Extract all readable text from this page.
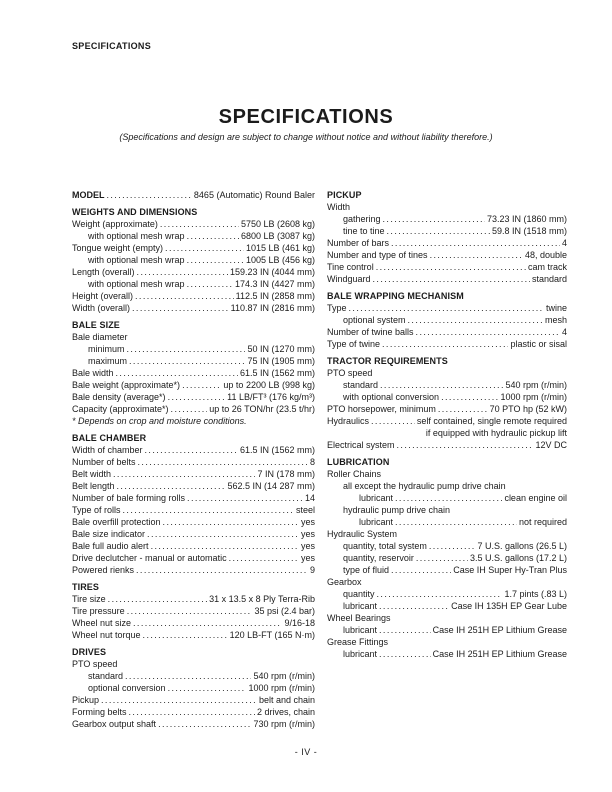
SPECIFICATIONS
SPECIFICATIONS
(Specifications and design are subject to change without notice and without liability therefore.)
MODEL .....	8465 (Automatic) Round Baler
WEIGHTS AND DIMENSIONS
Weight (approximate) .....	5750 LB (2608 kg)
with optional mesh wrap .....	6800 LB (3087 kg)
Tongue weight (empty) .....	1015 LB (461 kg)
with optional mesh wrap .....	1005 LB (456 kg)
Length (overall) .....	159.23 IN (4044 mm)
with optional mesh wrap .....	174.3 IN (4427 mm)
Height (overall) .....	112.5 IN (2858 mm)
Width (overall) .....	110.87 IN (2816 mm)
BALE SIZE
Bale diameter
minimum .....	50 IN (1270 mm)
maximum .....	75 IN (1905 mm)
Bale width .....	61.5 IN (1562 mm)
Bale weight (approximate*) .....	up to 2200 LB (998 kg)
Bale density (average*) .....	11 LB/FT³ (176 kg/m³)
Capacity (approximate*) .....	up to 26 TON/hr (23.5 t/hr)
* Depends on crop and moisture conditions.
BALE CHAMBER
Width of chamber .....	61.5 IN (1562 mm)
Number of belts .....	8
Belt width .....	7 IN (178 mm)
Belt length .....	562.5 IN (14 287 mm)
Number of bale forming rolls .....	14
Type of rolls .....	steel
Bale overfill protection .....	yes
Bale size indicator .....	yes
Bale full audio alert .....	yes
Drive declutcher - manual or automatic .....	yes
Powered rienks .....	9
TIRES
Tire size .....	31 x 13.5 x 8 Ply Terra-Rib
Tire pressure .....	35 psi (2.4 bar)
Wheel nut size .....	9/16-18
Wheel nut torque .....	120 LB-FT (165 N·m)
DRIVES
PTO speed
standard .....	540 rpm (r/min)
optional conversion .....	1000 rpm (r/min)
Pickup .....	belt and chain
Forming belts .....	2 drives, chain
Gearbox output shaft .....	730 rpm (r/min)
PICKUP
Width
gathering .....	73.23 IN (1860 mm)
tine to tine .....	59.8 IN (1518 mm)
Number of bars .....	4
Number and type of tines .....	48, double
Tine control .....	cam track
Windguard .....	standard
BALE WRAPPING MECHANISM
Type .....	twine
optional system .....	mesh
Number of twine balls .....	4
Type of twine .....	plastic or sisal
TRACTOR REQUIREMENTS
PTO speed
standard .....	540 rpm (r/min)
with optional conversion .....	1000 rpm (r/min)
PTO horsepower, minimum .....	70 PTO hp (52 kW)
Hydraulics .....	self contained, single remote required
if equipped with hydraulic pickup lift
Electrical system .....	12V DC
LUBRICATION
Roller Chains
all except the hydraulic pump drive chain
lubricant .....	clean engine oil
hydraulic pump drive chain
lubricant .....	not required
Hydraulic System
quantity, total system .....	7 U.S. gallons (26.5 L)
quantity, reservoir .....	3.5 U.S. gallons (17.2 L)
type of fluid .....	Case IH Super Hy-Tran Plus
Gearbox
quantity .....	1.7 pints (.83 L)
lubricant .....	Case IH 135H EP Gear Lube
Wheel Bearings
lubricant .....	Case IH 251H EP Lithium Grease
Grease Fittings
lubricant .....	Case IH 251H EP Lithium Grease
- IV -
